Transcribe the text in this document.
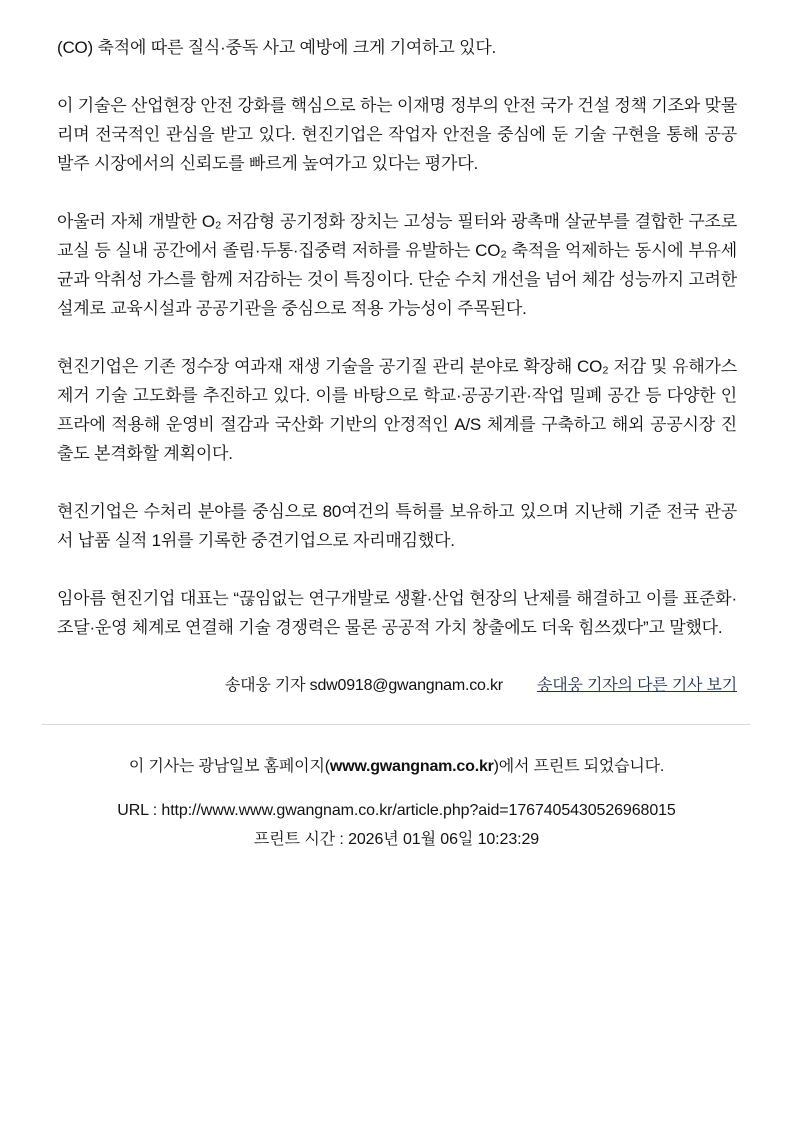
(CO) 축적에 따른 질식·중독 사고 예방에 크게 기여하고 있다.

이 기술은 산업현장 안전 강화를 핵심으로 하는 이재명 정부의 안전 국가 건설 정책 기조와 맞물리며 전국적인 관심을 받고 있다. 현진기업은 작업자 안전을 중심에 둔 기술 구현을 통해 공공 발주 시장에서의 신뢰도를 빠르게 높여가고 있다는 평가다.

아울러 자체 개발한 O₂ 저감형 공기정화 장치는 고성능 필터와 광촉매 살균부를 결합한 구조로 교실 등 실내 공간에서 졸림·두통·집중력 저하를 유발하는 CO₂ 축적을 억제하는 동시에 부유세균과 악취성 가스를 함께 저감하는 것이 특징이다. 단순 수치 개선을 넘어 체감 성능까지 고려한 설계로 교육시설과 공공기관을 중심으로 적용 가능성이 주목된다.

현진기업은 기존 정수장 여과재 재생 기술을 공기질 관리 분야로 확장해 CO₂ 저감 및 유해가스 제거 기술 고도화를 추진하고 있다. 이를 바탕으로 학교·공공기관·작업 밀폐 공간 등 다양한 인프라에 적용해 운영비 절감과 국산화 기반의 안정적인 A/S 체계를 구축하고 해외 공공시장 진출도 본격화할 계획이다.

현진기업은 수처리 분야를 중심으로 80여건의 특허를 보유하고 있으며 지난해 기준 전국 관공서 납품 실적 1위를 기록한 중견기업으로 자리매김했다.

임아름 현진기업 대표는 “끊임없는 연구개발로 생활·산업 현장의 난제를 해결하고 이를 표준화·조달·운영 체계로 연결해 기술 경쟁력은 물론 공공적 가치 창출에도 더욱 힘쓰겠다”고 말했다.

송대웅 기자 sdw0918@gwangnam.co.kr 송대웅 기자의 다른 기사 보기

이 기사는 광남일보 홈페이지(www.gwangnam.co.kr)에서 프린트 되었습니다.

URL : http://www.www.gwangnam.co.kr/article.php?aid=1767405430526968015

프린트 시간 : 2026년 01월 06일 10:23:29
